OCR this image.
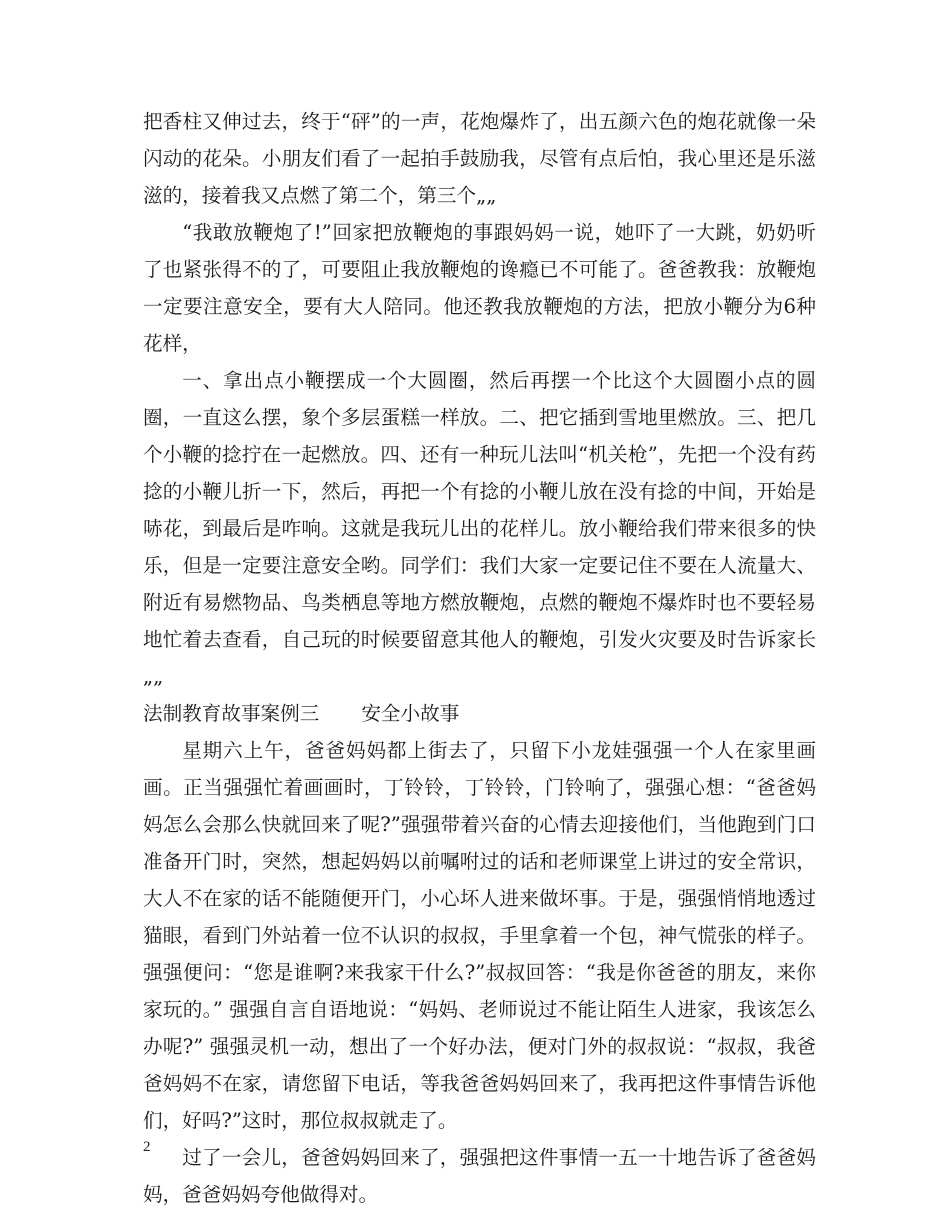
把香柱又伸过去，终于“砰”的一声，花炮爆炸了，出五颜六色的炮花就像一朵闪动的花朵。小朋友们看了一起拍手鼓励我，尽管有点后怕，我心里还是乐滋滋的，接着我又点燃了第二个，第三个„„

“我敢放鞭炮了!”回家把放鞭炮的事跟妈妈一说，她吓了一大跳，奶奶听了也紧张得不的了，可要阻止我放鞭炮的谗瘾已不可能了。爸爸教我：放鞭炮一定要注意安全，要有大人陪同。他还教我放鞭炮的方法，把放小鞭分为6种花样，

一、拿出点小鞭摆成一个大圆圈，然后再摆一个比这个大圆圈小点的圆圈，一直这么摆，象个多层蛋糕一样放。二、把它插到雪地里燃放。三、把几个小鞭的捻拧在一起燃放。四、还有一种玩儿法叫“机关枪”，先把一个没有药捻的小鞭儿折一下，然后，再把一个有捻的小鞭儿放在没有捻的中间，开始是哧花，到最后是咋响。这就是我玩儿出的花样儿。放小鞭给我们带来很多的快乐，但是一定要注意安全哟。同学们：我们大家一定要记住不要在人流量大、附近有易燃物品、鸟类栖息等地方燃放鞭炮，点燃的鞭炮不爆炸时也不要轻易地忙着去查看，自己玩的时候要留意其他人的鞭炮，引发火灾要及时告诉家长„„

法制教育故事案例三 安全小故事

星期六上午，爸爸妈妈都上街去了，只留下小龙娃强强一个人在家里画画。正当强强忙着画画时，丁铃铃，丁铃铃，门铃响了，强强心想：“爸爸妈妈怎么会那么快就回来了呢?”强强带着兴奋的心情去迎接他们，当他跑到门口准备开门时，突然，想起妈妈以前嘱咐过的话和老师课堂上讲过的安全常识，大人不在家的话不能随便开门，小心坏人进来做坏事。于是，强强悄悄地透过猫眼，看到门外站着一位不认识的叔叔，手里拿着一个包，神气慌张的样子。强强便问：“您是谁啊?来我家干什么?”叔叔回答：“我是你爸爸的朋友，来你家玩的。” 强强自言自语地说：“妈妈、老师说过不能让陌生人进家，我该怎么办呢?” 强强灵机一动，想出了一个好办法，便对门外的叔叔说：“叔叔，我爸爸妈妈不在家，请您留下电话，等我爸爸妈妈回来了，我再把这件事情告诉他们，好吗?”这时，那位叔叔就走了。

过了一会儿，爸爸妈妈回来了，强强把这件事情一五一十地告诉了爸爸妈妈，爸爸妈妈夸他做得对。

2
